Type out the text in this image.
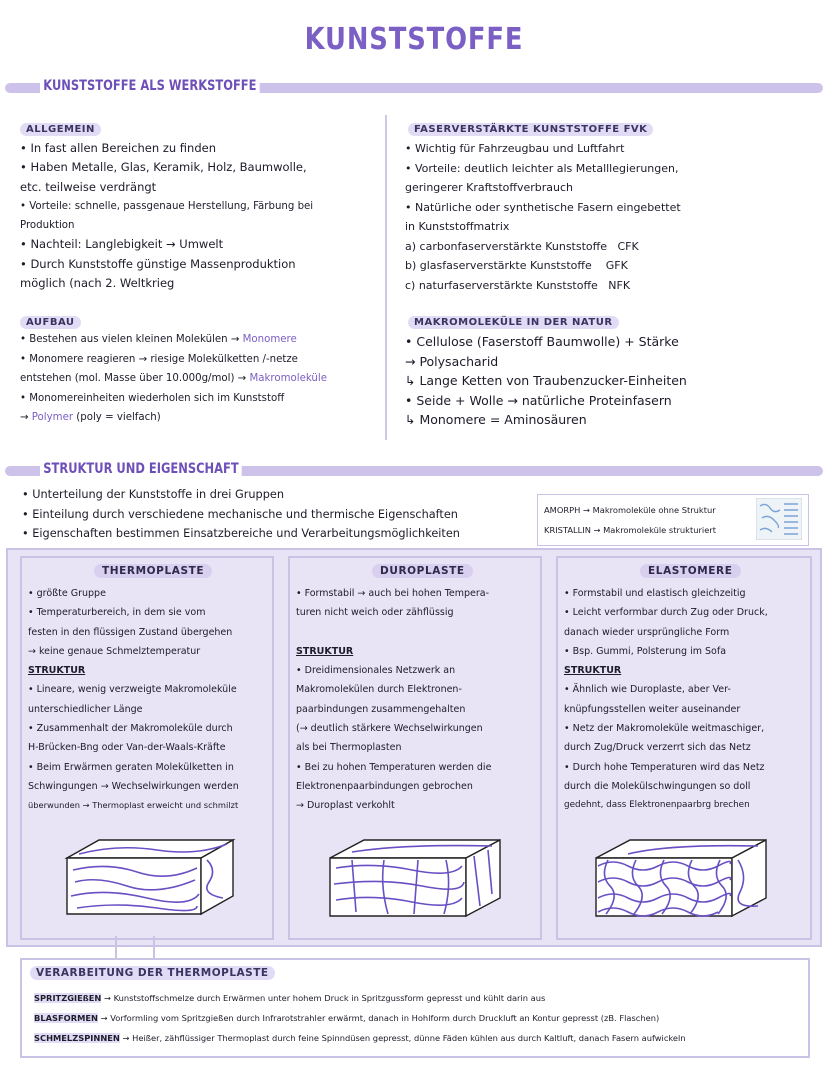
KUNSTSTOFFE
KUNSTSTOFFE ALS WERKSTOFFE
ALLGEMEIN
• In fast allen Bereichen zu finden
• Haben Metalle, Glas, Keramik, Holz, Baumwolle,
etc. teilweise verdrängt
• Vorteile: schnelle, passgenaue Herstellung, Färbung bei
Produktion
• Nachteil: Langlebigkeit → Umwelt
• Durch Kunststoffe günstige Massenproduktion
möglich (nach 2. Weltkrieg
AUFBAU
• Bestehen aus vielen kleinen Molekülen → Monomere
• Monomere reagieren → riesige Molekülketten /-netze
entstehen (mol. Masse über 10.000g/mol) → Makromoleküle
• Monomereinheiten wiederholen sich im Kunststoff
→ Polymer (poly = vielfach)
FASERVERSTÄRKTE KUNSTSTOFFE FVK
• Wichtig für Fahrzeugbau und Luftfahrt
• Vorteile: deutlich leichter als Metalllegierungen,
geringerer Kraftstoffverbrauch
• Natürliche oder synthetische Fasern eingebettet
in Kunststoffmatrix
a) carbonfaserverstärkte Kunststoffe   CFK
b) glasfaserverstärkte Kunststoffe    GFK
c) naturfaserverstärkte Kunststoffe   NFK
MAKROMOLEKÜLE IN DER NATUR
• Cellulose (Faserstoff Baumwolle) + Stärke
→ Polysacharid
↳ Lange Ketten von Traubenzucker-Einheiten
• Seide + Wolle → natürliche Proteinfasern
↳ Monomere = Aminosäuren
STRUKTUR UND EIGENSCHAFT
• Unterteilung der Kunststoffe in drei Gruppen
• Einteilung durch verschiedene mechanische und thermische Eigenschaften
• Eigenschaften bestimmen Einsatzbereiche und Verarbeitungsmöglichkeiten
AMORPH → Makromoleküle ohne Struktur
KRISTALLIN → Makromoleküle strukturiert
THERMOPLASTE
• größte Gruppe
• Temperaturbereich, in dem sie vom
festen in den flüssigen Zustand übergehen
→ keine genaue Schmelztemperatur
STRUKTUR
• Lineare, wenig verzweigte Makromoleküle
unterschiedlicher Länge
• Zusammenhalt der Makromoleküle durch
H-Brücken-Bng oder Van-der-Waals-Kräfte
• Beim Erwärmen geraten Molekülketten in
Schwingungen → Wechselwirkungen werden
überwunden → Thermoplast erweicht und schmilzt
DUROPLASTE
• Formstabil → auch bei hohen Tempera-
turen nicht weich oder zähflüssig
STRUKTUR
• Dreidimensionales Netzwerk an
Makromolekülen durch Elektronen-
paarbindungen zusammengehalten
(→ deutlich stärkere Wechselwirkungen
als bei Thermoplasten
• Bei zu hohen Temperaturen werden die
Elektronenpaarbindungen gebrochen
→ Duroplast verkohlt
ELASTOMERE
• Formstabil und elastisch gleichzeitig
• Leicht verformbar durch Zug oder Druck,
danach wieder ursprüngliche Form
• Bsp. Gummi, Polsterung im Sofa
STRUKTUR
• Ähnlich wie Duroplaste, aber Ver-
knüpfungsstellen weiter auseinander
• Netz der Makromoleküle weitmaschiger,
durch Zug/Druck verzerrt sich das Netz
• Durch hohe Temperaturen wird das Netz
durch die Molekülschwingungen so doll
gedehnt, dass Elektronenpaarbrg brechen
VERARBEITUNG DER THERMOPLASTE
SPRITZGIEßEN → Kunststoffschmelze durch Erwärmen unter hohem Druck in Spritzgussform gepresst und kühlt darin aus
BLASFORMEN → Vorformling vom Spritzgießen durch Infrarotstrahler erwärmt, danach in Hohlform durch Druckluft an Kontur gepresst (zB. Flaschen)
SCHMELZSPINNEN → Heißer, zähflüssiger Thermoplast durch feine Spinndüsen gepresst, dünne Fäden kühlen aus durch Kaltluft, danach Fasern aufwickeln
